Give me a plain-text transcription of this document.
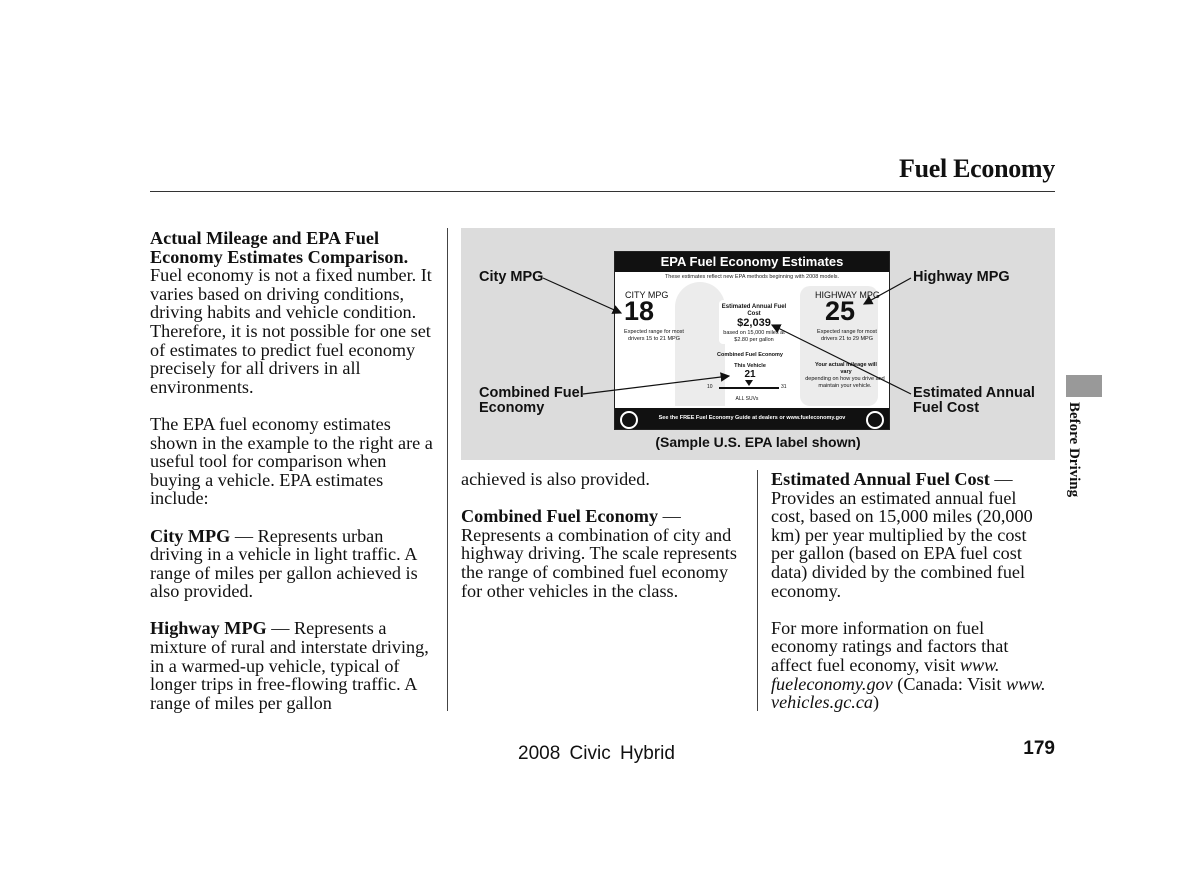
Fuel Economy

Actual Mileage and EPA Fuel Economy Estimates Comparison.
Fuel economy is not a fixed number. It varies based on driving conditions, driving habits and vehicle condition. Therefore, it is not possible for one set of estimates to predict fuel economy precisely for all drivers in all environments.

The EPA fuel economy estimates shown in the example to the right are a useful tool for comparison when buying a vehicle. EPA estimates include:

City MPG — Represents urban driving in a vehicle in light traffic. A range of miles per gallon achieved is also provided.

Highway MPG — Represents a mixture of rural and interstate driving, in a warmed-up vehicle, typical of longer trips in free-flowing traffic. A range of miles per gallon

EPA Fuel Economy Estimates
These estimates reflect new EPA methods beginning with 2008 models.
CITY MPG
18
Expected range for most drivers 15 to 21 MPG
HIGHWAY MPG
25
Expected range for most drivers 21 to 29 MPG
Estimated Annual Fuel Cost
$2,039
based on 15,000 miles at $2.80 per gallon
Combined Fuel Economy
This Vehicle
21
10	31
ALL SUVs
Your actual mileage will vary
depending on how you drive and maintain your vehicle.
See the FREE Fuel Economy Guide at dealers or www.fueleconomy.gov
City MPG	Highway MPG
Combined Fuel Economy
Estimated Annual Fuel Cost
(Sample U.S. EPA label shown)

achieved is also provided.

Combined Fuel Economy —
Represents a combination of city and highway driving. The scale represents the range of combined fuel economy for other vehicles in the class.

Estimated Annual Fuel Cost —
Provides an estimated annual fuel cost, based on 15,000 miles (20,000 km) per year multiplied by the cost per gallon (based on EPA fuel cost data) divided by the combined fuel economy.

For more information on fuel economy ratings and factors that affect fuel economy, visit www. fueleconomy.gov (Canada: Visit www. vehicles.gc.ca)

Before Driving
2008 Civic Hybrid	179
